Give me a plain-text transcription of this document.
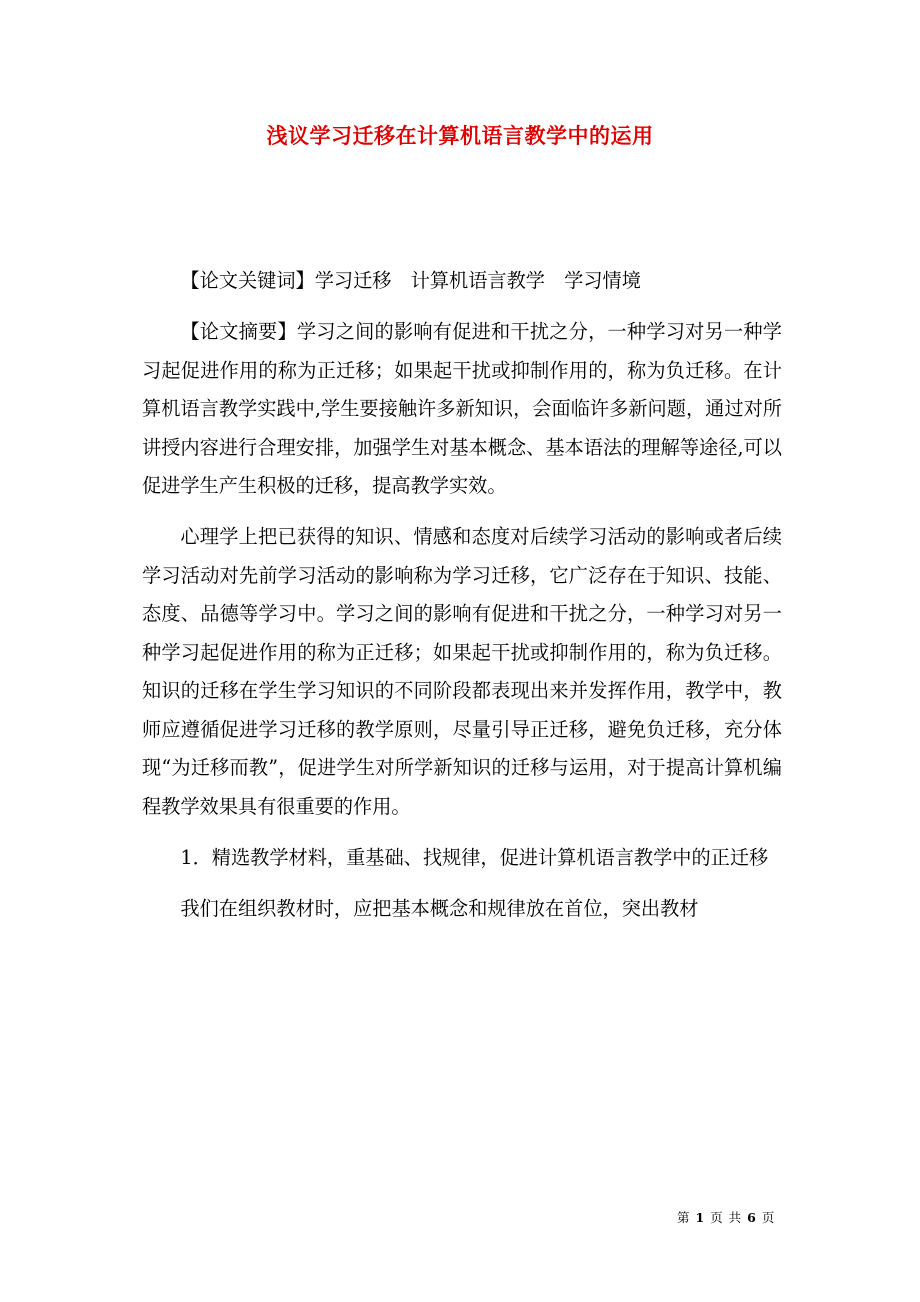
浅议学习迁移在计算机语言教学中的运用

【论文关键词】学习迁移　计算机语言教学　学习情境

【论文摘要】学习之间的影响有促进和干扰之分，一种学习对另一种学习起促进作用的称为正迁移；如果起干扰或抑制作用的，称为负迁移。在计算机语言教学实践中,学生要接触许多新知识，会面临许多新问题，通过对所讲授内容进行合理安排，加强学生对基本概念、基本语法的理解等途径,可以促进学生产生积极的迁移，提高教学实效。

心理学上把已获得的知识、情感和态度对后续学习活动的影响或者后续学习活动对先前学习活动的影响称为学习迁移，它广泛存在于知识、技能、态度、品德等学习中。学习之间的影响有促进和干扰之分，一种学习对另一种学习起促进作用的称为正迁移；如果起干扰或抑制作用的，称为负迁移。知识的迁移在学生学习知识的不同阶段都表现出来并发挥作用，教学中，教师应遵循促进学习迁移的教学原则，尽量引导正迁移，避免负迁移，充分体现“为迁移而教”，促进学生对所学新知识的迁移与运用，对于提高计算机编程教学效果具有很重要的作用。

1．精选教学材料，重基础、找规律，促进计算机语言教学中的正迁移

我们在组织教材时，应把基本概念和规律放在首位，突出教材

第 1 页 共 6 页
